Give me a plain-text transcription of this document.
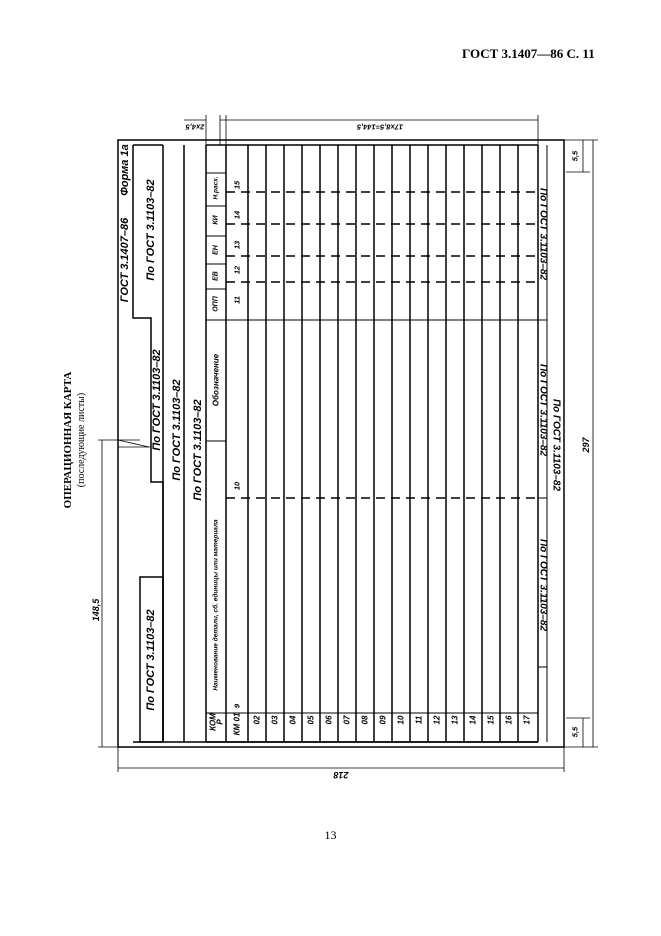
ГОСТ 3.1407—86 С. 11
ОПЕРАЦИОННАЯ КАРТА (последующие листы)
ГОСТ 3.1407–86
Форма 1а
По ГОСТ 3.1103–82
По ГОСТ 3.1103–82 По ГОСТ 3.1103–82 По ГОСТ 3.1103–82
По ГОСТ 3.1103–82
По ГОСТ 3.1103–82
По ГОСТ 3.1103–82
По ГОСТ 3.1103–82
По ГОСТ 3.1103–82
КОМ
Р
Наименование детали, сб. единицы или материала
Обозначение
ОПП
ЕВ
ЕН
КИ
Н.расх.
9
10
11
12
13
14
15
КМ 01 02 03 04 05 06 07 08 09 10 11 12 13 14 15 16 17
297
218
148,5
5,5
5,5
17х8,5=144,5
2х4,5
13
